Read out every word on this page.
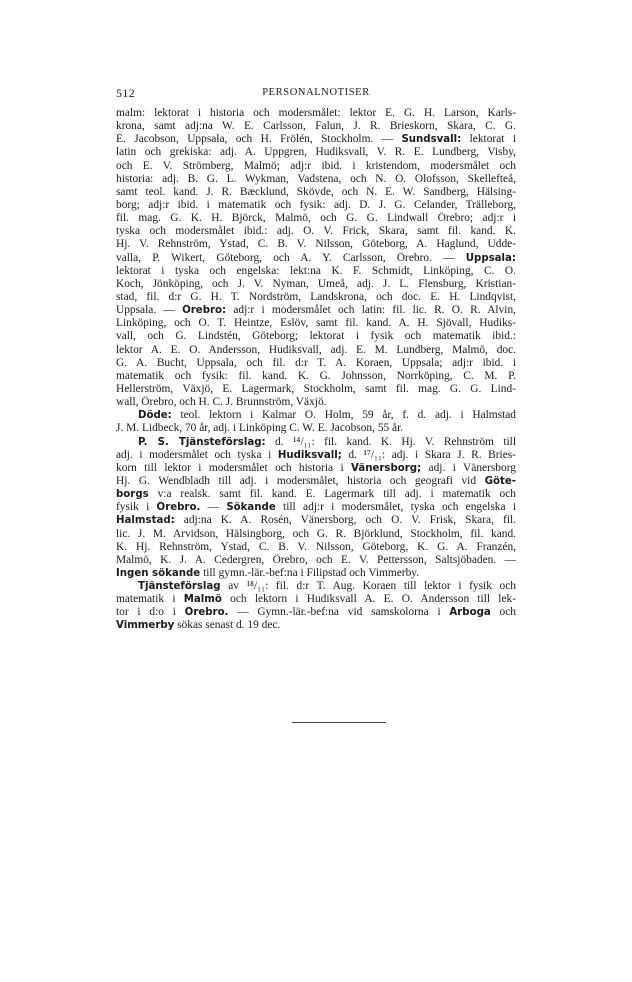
512	PERSONALNOTISER
malm: lektorat i historia och modersmålet: lektor E. G. H. Larson, Karls-
krona, samt adj:na W. E. Carlsson, Falun, J. R. Brieskorn, Skara, C. G.
E. Jacobson, Uppsala, och H. Frölén, Stockholm. — Sundsvall: lektorat i
latin och grekiska: adj. A. Uppgren, Hudiksvall, V. R. E. Lundberg, Visby,
och E. V. Strömberg, Malmö; adj:r ibid. i kristendom, modersmålet och
historia: adj. B. G. L. Wykman, Vadstena, och N. O. Olofsson, Skellefteå,
samt teol. kand. J. R. Bæcklund, Skövde, och N. E. W. Sandberg, Hälsing-
borg; adj:r ibid. i matematik och fysik: adj. D. J. G. Celander, Trälleborg,
fil. mag. G. K. H. Björck, Malmö, och G. G. Lindwall Örebro; adj:r i
tyska och modersmålet ibid.: adj. O. V. Frick, Skara, samt fil. kand. K.
Hj. V. Rehnström, Ystad, C. B. V. Nilsson, Göteborg, A. Haglund, Udde-
valla, P. Wikert, Göteborg, och A. Y. Carlsson, Örebro. — Uppsala:
lektorat i tyska och engelska: lekt:na K. F. Schmidt, Linköping, C. O.
Koch, Jönköping, och J. V. Nyman, Umeå, adj. J. L. Flensburg, Kristian-
stad, fil. d:r G. H. T. Nordström, Landskrona, och doc. E. H. Lindqvist,
Uppsala. — Örebro: adj:r i modersmålet och latin: fil. lic. R. O. R. Alvin,
Linköping, och O. T. Heintze, Eslöv, samt fil. kand. A. H. Sjövall, Hudiks-
vall, och G. Lindstén, Göteborg; lektorat i fysik och matematik ibid.:
lektor A. E. O. Andersson, Hudiksvall, adj. E. M. Lundberg, Malmö, doc.
G. A. Bucht, Uppsala, och fil. d:r T. A. Koraen, Uppsala; adj:r ibid. i
matematik och fysik: fil. kand. K. G. Johnsson, Norrköping, C. M. P.
Hellerström, Växjö, E. Lagermark, Stockholm, samt fil. mag. G. G. Lind-
wall, Örebro, och H. C. J. Brunnström, Växjö.
Döde: teol. lektorn i Kalmar O. Holm, 59 år, f. d. adj. i Halmstad
J. M. Lidbeck, 70 år, adj. i Linköping C. W. E. Jacobson, 55 år.
P. S. Tjänsteförslag: d. ¹⁴/₁₁: fil. kand. K. Hj. V. Rehnström till
adj. i modersmålet och tyska i Hudiksvall; d. ¹⁷/₁₁: adj. i Skara J. R. Bries-
korn till lektor i modersmålet och historia i Vänersborg; adj. i Vänersborg
Hj. G. Wendbladh till adj. i modersmålet, historia och geografi vid Göte-
borgs v:a realsk. samt fil. kand. E. Lagermark till adj. i matematik och
fysik i Örebro. — Sökande till adj:r i modersmålet, tyska och engelska i
Halmstad: adj:na K. A. Rosén, Vänersborg, och O. V. Frisk, Skara, fil.
lic. J. M. Arvidson, Hälsingborg, och G. R. Björklund, Stockholm, fil. kand.
K. Hj. Rehnström, Ystad, C. B. V. Nilsson, Göteborg, K. G. A. Franzén,
Malmö, K. J. A. Cedergren, Örebro, och E. V. Pettersson, Saltsjöbaden. —
Ingen sökande till gymn.-lär.-bef:na i Filipstad och Vimmerby.
Tjänsteförslag av ¹⁸/₁₁: fil. d:r T. Aug. Koraen till lektor i fysik och
matematik i Malmö och lektorn i Hudiksvall A. E. O. Andersson till lek-
tor i d:o i Örebro. — Gymn.-lär.-bef:na vid samskolorna i Arboga och
Vimmerby sökas senast d. 19 dec.
